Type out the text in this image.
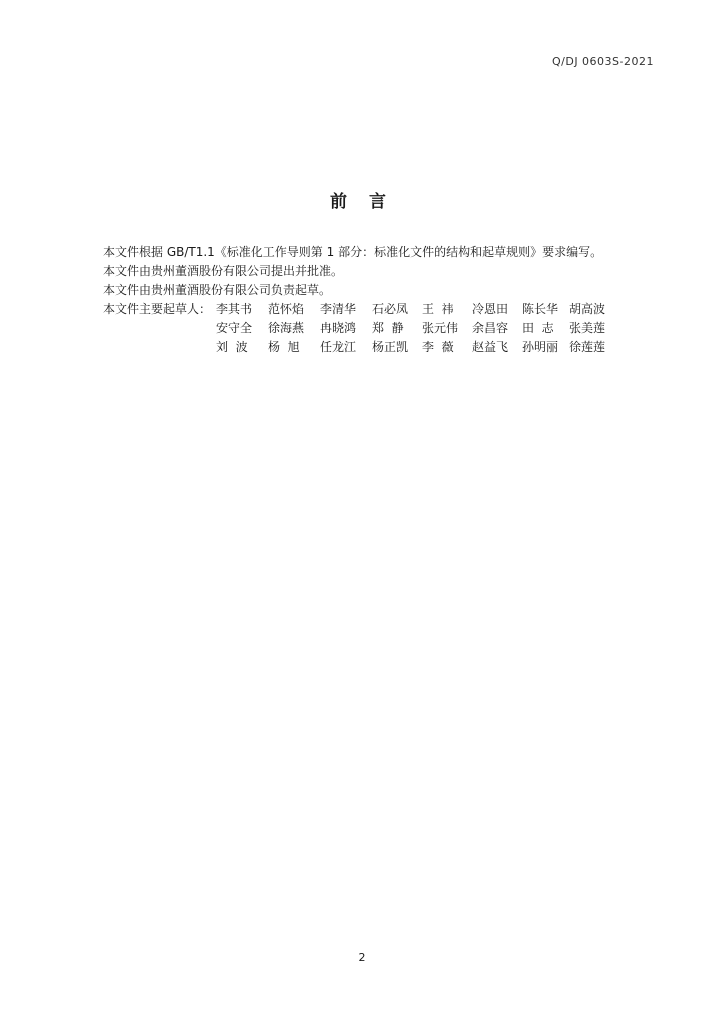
Q/DJ 0603S-2021
前 言

本文件根据 GB/T1.1《标准化工作导则第 1 部分：标准化文件的结构和起草规则》要求编写。

本文件由贵州董酒股份有限公司提出并批准。

本文件由贵州董酒股份有限公司负责起草。

本文件主要起草人： 李其书	范怀焰	李清华	石必凤	王  祎	冷恩田	陈长华 胡高波
安守全	徐海燕	冉晓鸿	郑  静	张元伟	余昌容	田  志	张美莲
刘  波	杨  旭	任龙江	杨正凯	李  薇	赵益飞	孙明丽 徐莲莲
2
